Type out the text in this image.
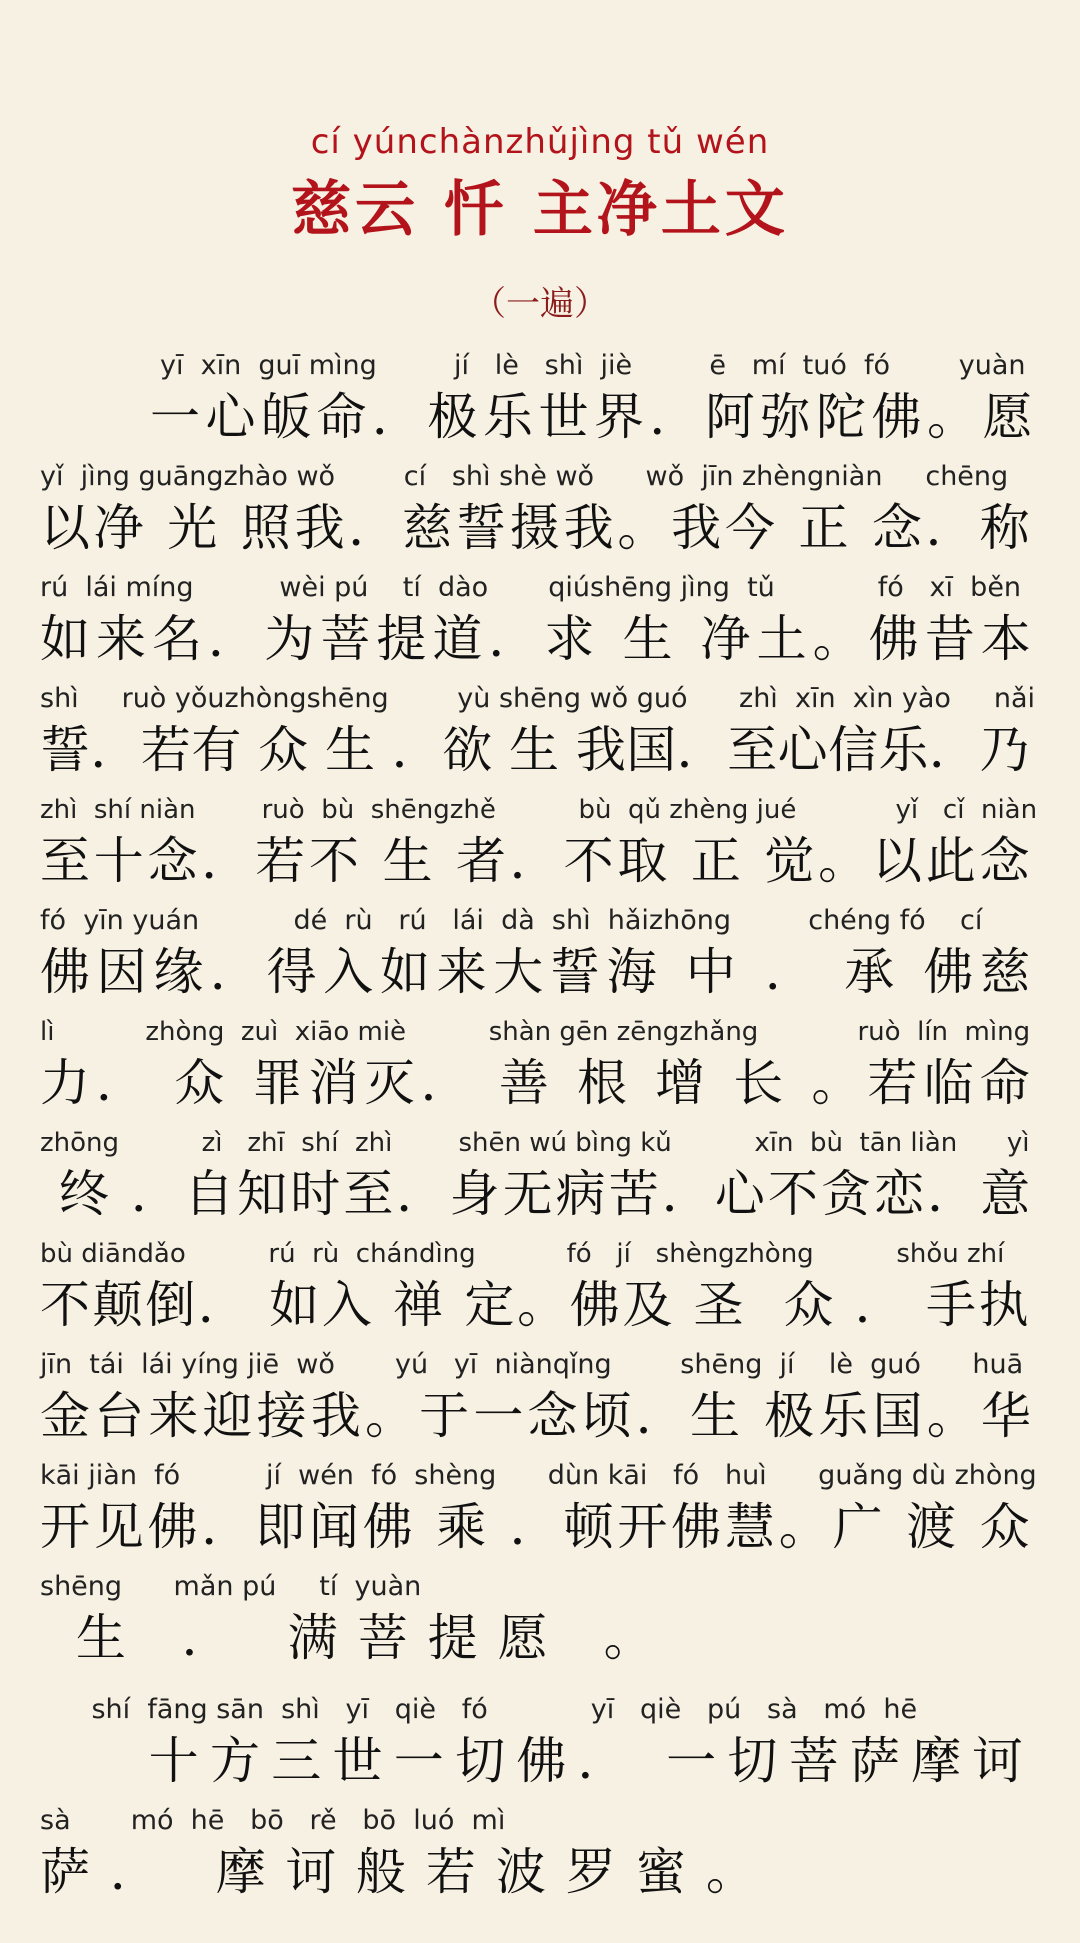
cí yúnchànzhǔjìng tǔ wén
慈云 忏 主净土文
（一遍）
yī  xīn  guī mìng         jí   lè   shì  jiè         ē   mí  tuó  fó        yuàn
一心皈命．极乐世界．阿弥陀佛。愿
yǐ  jìng guāngzhào wǒ        cí   shì shè wǒ      wǒ  jīn zhèngniàn     chēng
以净 光 照我．慈誓摄我。我今 正 念．称
rú  lái míng          wèi pú    tí  dào       qiúshēng jìng  tǔ            fó   xī  běn
如来名．为菩提道．求 生 净土。佛昔本
shì     ruò yǒuzhòngshēng        yù shēng wǒ guó      zhì  xīn  xìn yào     nǎi
誓．若有 众 生 ．欲 生 我国．至心信乐．乃
zhì  shí niàn        ruò  bù  shēngzhě          bù  qǔ zhèng jué            yǐ   cǐ  niàn
至十念．若不 生 者．不取 正 觉。以此念
fó  yīn yuán           dé  rù   rú   lái  dà  shì  hǎizhōng         chéng fó    cí
佛因缘．得入如来大誓海 中 ． 承 佛慈
lì           zhòng  zuì  xiāo miè          shàn gēn zēngzhǎng            ruò  lín  mìng
力． 众 罪消灭． 善 根 增 长 。若临命
zhōng          zì   zhī  shí  zhì        shēn wú bìng kǔ          xīn  bù  tān liàn      yì
终 ．自知时至．身无病苦．心不贪恋．意
bù diāndǎo          rú  rù  chándìng           fó   jí   shèngzhòng          shǒu zhí
不颠倒． 如入 禅 定。佛及 圣  众 ． 手执
jīn  tái  lái yíng jiē  wǒ       yú   yī  niànqǐng        shēng  jí    lè  guó      huā
金台来迎接我。于一念顷．生 极乐国。华
kāi jiàn  fó          jí  wén  fó  shèng      dùn kāi   fó   huì      guǎng dù zhòng
开见佛．即闻佛 乘 ．顿开佛慧。广 渡 众
shēng      mǎn pú     tí  yuàn
生 ． 满菩提愿 。
shí  fāng sān  shì   yī   qiè   fó            yī   qiè   pú   sà   mó  hē
十方三世一切佛． 一切菩萨摩诃
sà       mó  hē   bō   rě   bō  luó  mì
萨． 摩诃般若波罗蜜。
